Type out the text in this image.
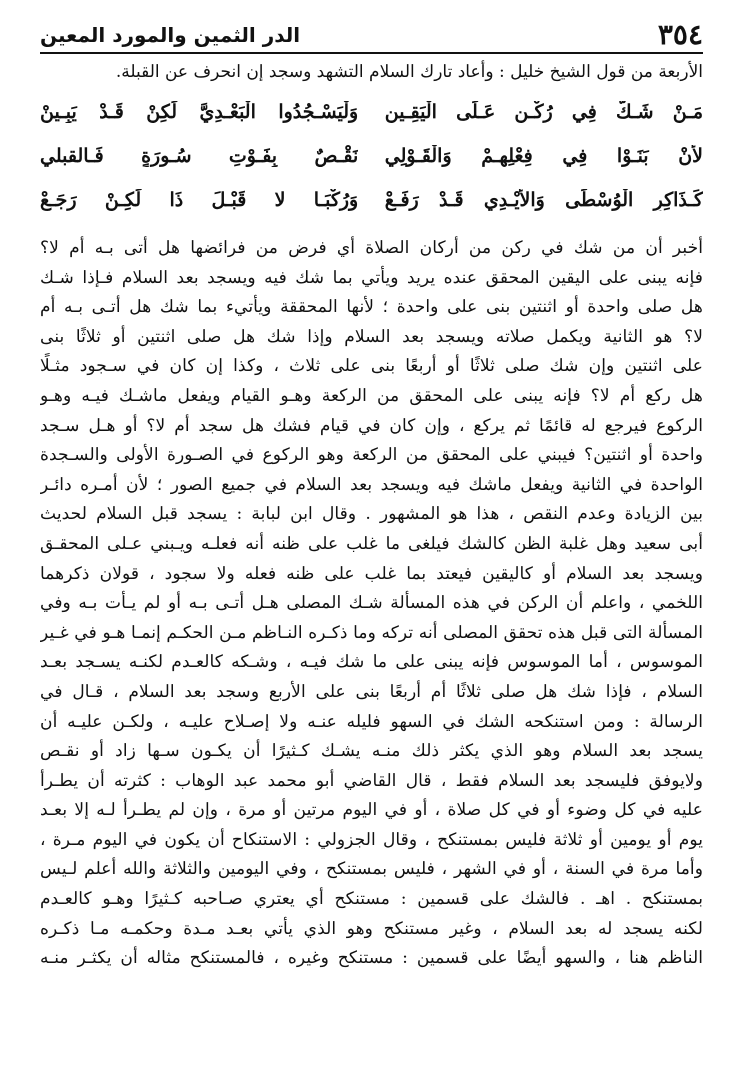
٣٥٤
الدر الثمين والمورد المعين
الأربعة من قول الشيخ خليل : وأعاد تارك السلام التشهد وسجد إن انحرف عن القبلة.
مَـنْ شَـكَّ فِي رُكْـنٍ عَـلَى الْيَقِـينِ
وَلْيَسْـجُدُوا الْبَعْـدِيَّ لَكِنْ قَـدْ يَبِـينْ
لأَنْ بَنَـوْا فِي فِعْلِهِـمْ وَالْقَـوْلِي
نَقْـصٌ بِفَـوْتِ سُـورَةٍ فَـالقبلي
كَـذَاكِرِ الْوُسْطَى وَالأَيْـدِي قَـدْ رَفَـعْ
وَرُكْبَـا لا قَبْـلَ ذَا لَكِـنْ رَجَـعْ
أخبر أن من شك في ركن من أركان الصلاة أي فرض من فرائضها هل أتى بـه أم لا؟
فإنه يبنى على اليقين المحقق عنده يريد ويأتي بما شك فيه ويسجد بعد السلام فـإذا شـك
هل صلى واحدة أو اثنتين بنى على واحدة ؛ لأنها المحققة ويأتيء بما شك هل أتـى بـه أم
لا؟ هو الثانية ويكمل صلاته ويسجد بعد السلام وإذا شك هل صلى اثنتين أو ثلاثًا بنى
على اثنتين وإن شك صلى ثلاثًا أو أربعًا بنى على ثلاث ، وكذا إن كان في سـجود مثـلًا
هل ركع أم لا؟ فإنه يبنى على المحقق من الركعة وهـو القيام ويفعل ماشـك فيـه وهـو
الركوع فيرجع له قائمًا ثم يركع ، وإن كان في قيام فشك هل سجد أم لا؟ أو هـل سـجد
واحدة أو اثنتين؟ فيبني على المحقق من الركعة وهو الركوع في الصـورة الأولى والسـجدة
الواحدة في الثانية ويفعل ماشك فيه ويسجد بعد السلام في جميع الصور ؛ لأن أمـره دائـر
بين الزيادة وعدم النقص ، هذا هو المشهور . وقال ابن لبابة : يسجد قبل السلام لحديث
أبى سعيد وهل غلبة الظن كالشك فيلغى ما غلب على ظنه أنه فعلـه ويـبني عـلى المحقـق
ويسجد بعد السلام أو كاليقين فيعتد بما غلب على ظنه فعله ولا سجود ، قولان ذكرهما
اللخمي ، واعلم أن الركن في هذه المسألة شـك المصلى هـل أتـى بـه أو لم يـأت بـه وفي
المسألة التى قبل هذه تحقق المصلى أنه تركه وما ذكـره النـاظم مـن الحكـم إنمـا هـو في غـير
الموسوس ، أما الموسوس فإنه يبنى على ما شك فيـه ، وشـكه كالعـدم لكنـه يسـجد بعـد
السلام ، فإذا شك هل صلى ثلاثًا أم أربعًا بنى على الأربع وسجد بعد السلام ، قـال في
الرسالة : ومن استنكحه الشك في السهو فليله عنـه ولا إصـلاح عليـه ، ولكـن عليـه أن
يسجد بعد السلام وهو الذي يكثر ذلك منـه يشـك كـثيرًا أن يكـون سـها زاد أو نقـص
ولايوفق فليسجد بعد السلام فقط ، قال القاضي أبو محمد عبد الوهاب : كثرته أن يطـرأ
عليه في كل وضوء أو في كل صلاة ، أو في اليوم مرتين أو مرة ، وإن لم يطـرأ لـه إلا بعـد
يوم أو يومين أو ثلاثة فليس بمستنكح ، وقال الجزولي : الاستنكاح أن يكون في اليوم مـرة ،
وأما مرة في السنة ، أو في الشهر ، فليس بمستنكح ، وفي اليومين والثلاثة والله أعلم لـيس
بمستنكح . اهـ . فالشك على قسمين : مستنكح أي يعتري صـاحبه كـثيرًا وهـو كالعـدم
لكنه يسجد له بعد السلام ، وغير مستنكح وهو الذي يأتي بعـد مـدة وحكمـه مـا ذكـره
الناظم هنا ، والسهو أيضًا على قسمين : مستنكح وغيره ، فالمستنكح مثاله أن يكثـر منـه
